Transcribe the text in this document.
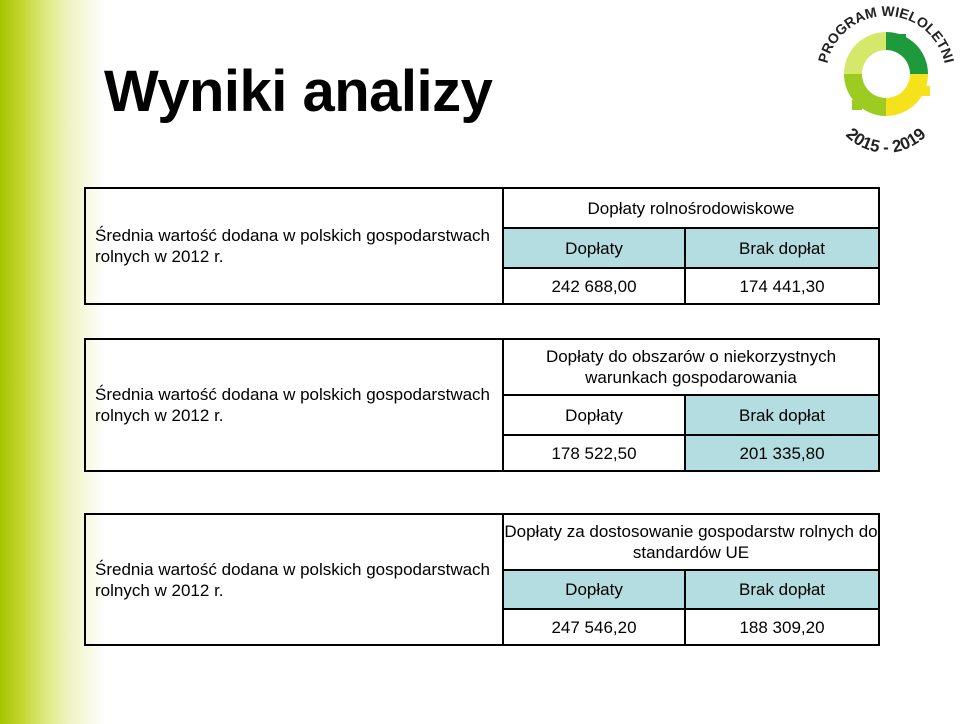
Wyniki analizy
PROGRAM WIELOLETNI
2015 - 2019
Średnia wartość dodana w polskich gospodarstwach rolnych w 2012 r.
Dopłaty rolnośrodowiskowe
Dopłaty	Brak dopłat
242 688,00	174 441,30
Średnia wartość dodana w polskich gospodarstwach rolnych w 2012 r.
Dopłaty do obszarów o niekorzystnych warunkach gospodarowania
Dopłaty	Brak dopłat
178 522,50	201 335,80
Średnia wartość dodana w polskich gospodarstwach rolnych w 2012 r.
Dopłaty za dostosowanie gospodarstw rolnych do standardów UE
Dopłaty	Brak dopłat
247 546,20	188 309,20
